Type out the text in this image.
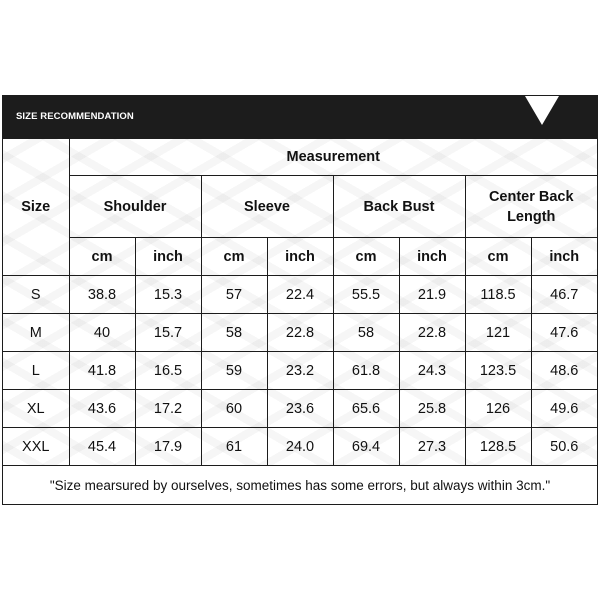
SIZE RECOMMENDATION
Size	Measurement							
	Shoulder		Sleeve		Back Bust		Center Back Length	
	cm	inch	cm	inch	cm	inch	cm	inch
S	38.8	15.3	57	22.4	55.5	21.9	118.5	46.7
M	40	15.7	58	22.8	58	22.8	121	47.6
L	41.8	16.5	59	23.2	61.8	24.3	123.5	48.6
XL	43.6	17.2	60	23.6	65.6	25.8	126	49.6
XXL	45.4	17.9	61	24.0	69.4	27.3	128.5	50.6
"Size mearsured by ourselves, sometimes has some errors, but always within 3cm."
